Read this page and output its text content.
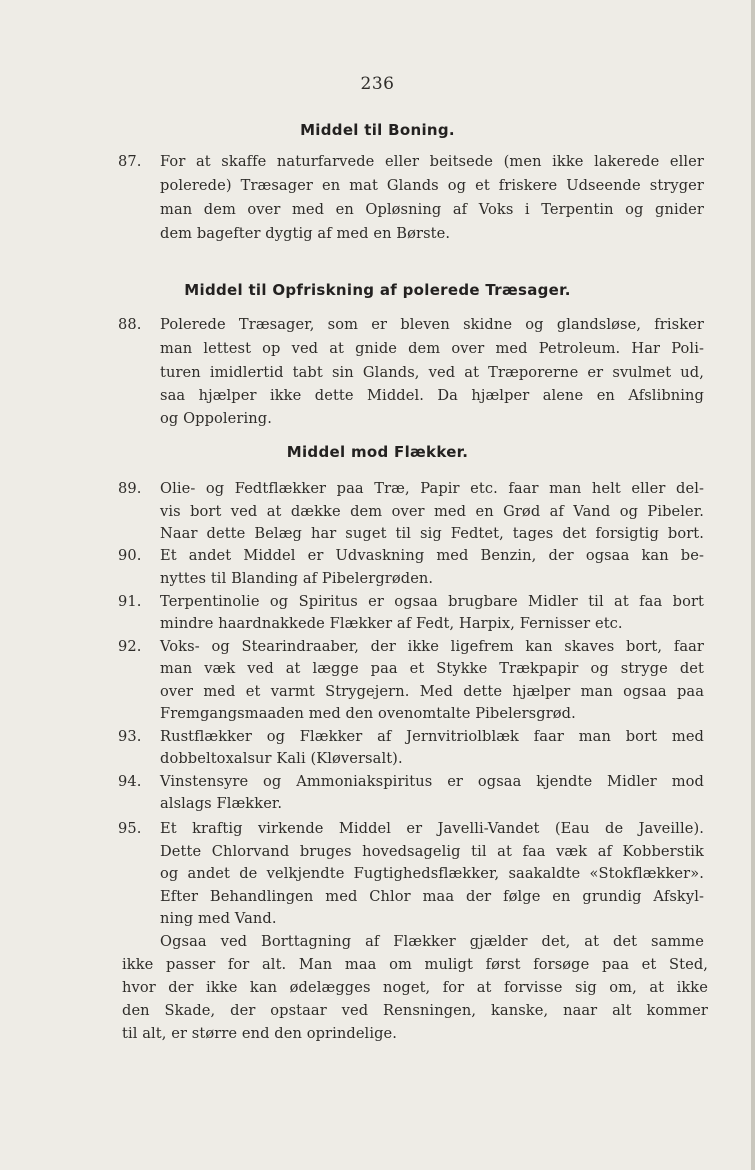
236
Middel til Boning.
87. For at skaffe naturfarvede eller beitsede (men ikke lakerede eller
polerede) Træsager en mat Glands og et friskere Udseende stryger
man dem over med en Opløsning af Voks i Terpentin og gnider
dem bagefter dygtig af med en Børste.
Middel til Opfriskning af polerede Træsager.
88. Polerede Træsager, som er bleven skidne og glandsløse, frisker
man lettest op ved at gnide dem over med Petroleum. Har Poli-
turen imidlertid tabt sin Glands, ved at Træporerne er svulmet ud,
saa hjælper ikke dette Middel. Da hjælper alene en Afslibning
og Oppolering.
Middel mod Flækker.
89. Olie- og Fedtflækker paa Træ, Papir etc. faar man helt eller del-
vis bort ved at dække dem over med en Grød af Vand og Pibeler.
Naar dette Belæg har suget til sig Fedtet, tages det forsigtig bort.
90. Et andet Middel er Udvaskning med Benzin, der ogsaa kan be-
nyttes til Blanding af Pibelergrøden.
91. Terpentinolie og Spiritus er ogsaa brugbare Midler til at faa bort
mindre haardnakkede Flækker af Fedt, Harpix, Fernisser etc.
92. Voks- og Stearindraaber, der ikke ligefrem kan skaves bort, faar
man væk ved at lægge paa et Stykke Trækpapir og stryge det
over med et varmt Strygejern. Med dette hjælper man ogsaa paa
Fremgangsmaaden med den ovenomtalte Pibelersgrød.
93. Rustflækker og Flækker af Jernvitriolblæk faar man bort med
dobbeltoxalsur Kali (Kløversalt).
94. Vinstensyre og Ammoniakspiritus er ogsaa kjendte Midler mod
alslags Flækker.
95. Et kraftig virkende Middel er Javelli-Vandet (Eau de Javeille).
Dette Chlorvand bruges hovedsagelig til at faa væk af Kobberstik
og andet de velkjendte Fugtighedsflækker, saakaldte «Stokflækker».
Efter Behandlingen med Chlor maa der følge en grundig Afskyl-
ning med Vand.
Ogsaa ved Borttagning af Flækker gjælder det, at det samme
ikke passer for alt. Man maa om muligt først forsøge paa et Sted,
hvor der ikke kan ødelægges noget, for at forvisse sig om, at ikke
den Skade, der opstaar ved Rensningen, kanske, naar alt kommer
til alt, er større end den oprindelige.
